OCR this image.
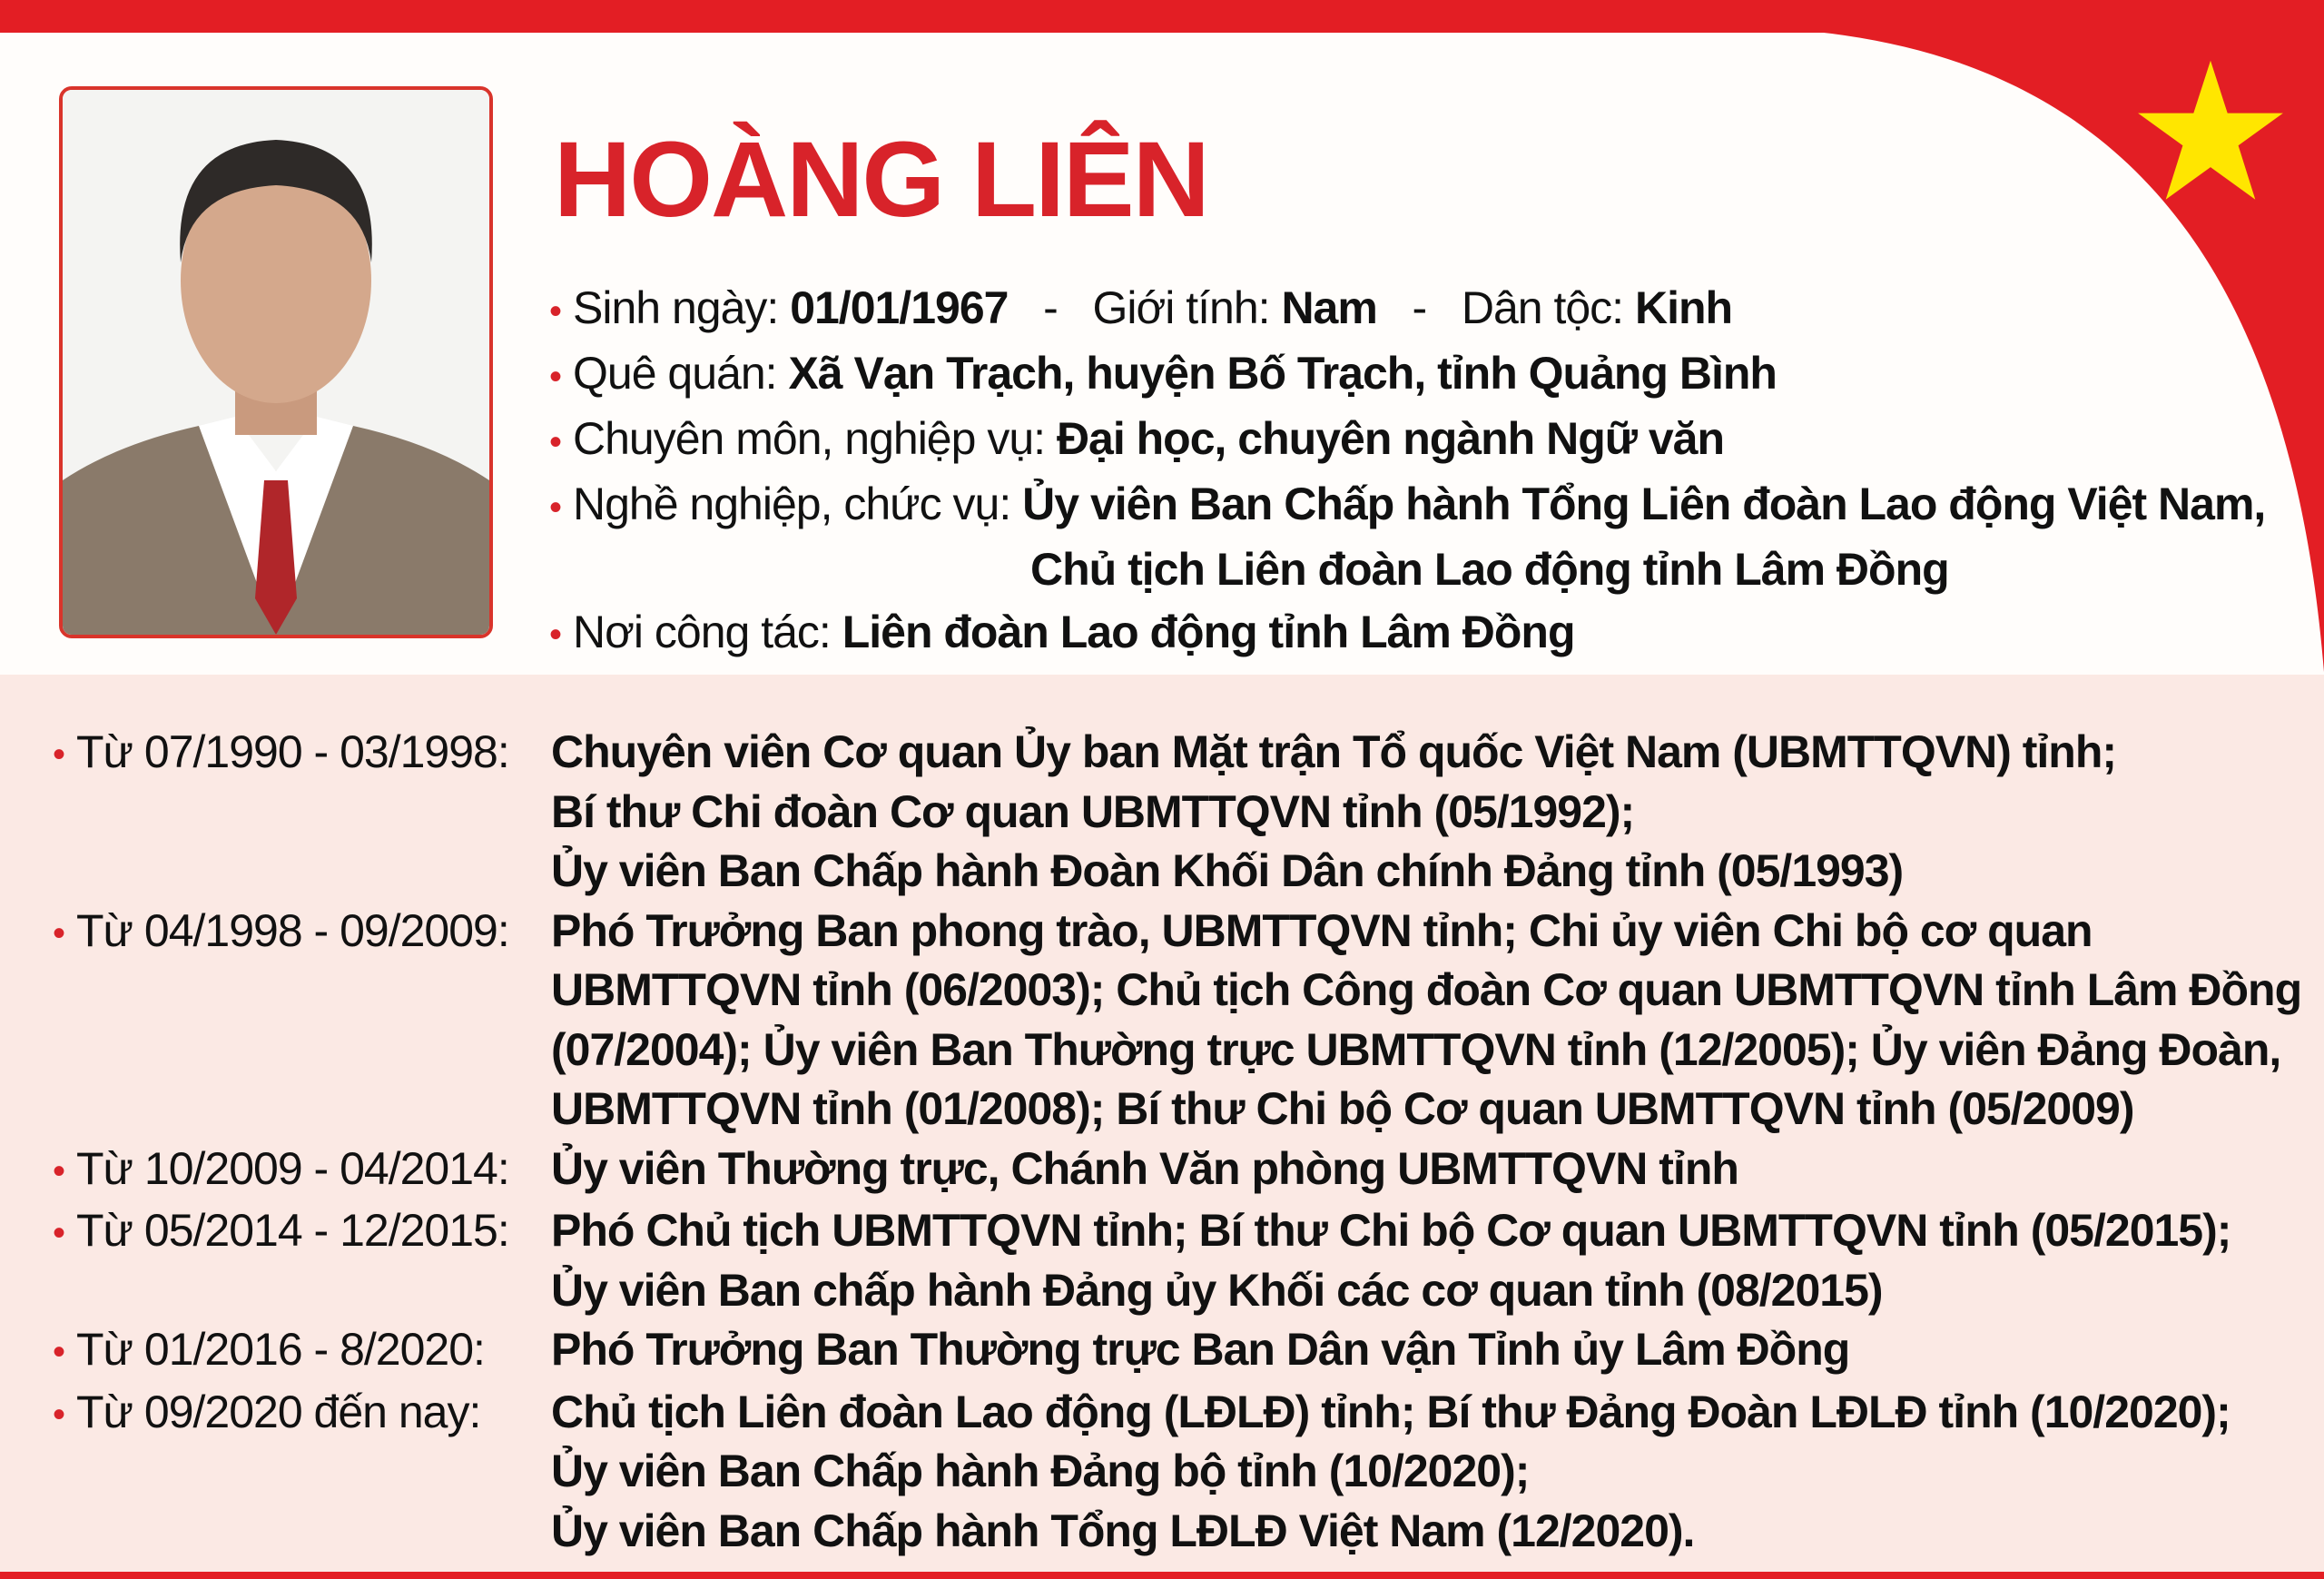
HOÀNG LIÊN
• Sinh ngày: 01/01/1967 - Giới tính: Nam - Dân tộc: Kinh
• Quê quán: Xã Vạn Trạch, huyện Bố Trạch, tỉnh Quảng Bình
• Chuyên môn, nghiệp vụ: Đại học, chuyên ngành Ngữ văn
• Nghề nghiệp, chức vụ: Ủy viên Ban Chấp hành Tổng Liên đoàn Lao động Việt Nam,
Chủ tịch Liên đoàn Lao động tỉnh Lâm Đồng
• Nơi công tác: Liên đoàn Lao động tỉnh Lâm Đồng
• Từ 07/1990 - 03/1998: Chuyên viên Cơ quan Ủy ban Mặt trận Tổ quốc Việt Nam (UBMTTQVN) tỉnh;
Bí thư Chi đoàn Cơ quan UBMTTQVN tỉnh (05/1992);
Ủy viên Ban Chấp hành Đoàn Khối Dân chính Đảng tỉnh (05/1993)
• Từ 04/1998 - 09/2009: Phó Trưởng Ban phong trào, UBMTTQVN tỉnh; Chi ủy viên Chi bộ cơ quan
UBMTTQVN tỉnh (06/2003); Chủ tịch Công đoàn Cơ quan UBMTTQVN tỉnh Lâm Đồng
(07/2004); Ủy viên Ban Thường trực UBMTTQVN tỉnh (12/2005); Ủy viên Đảng Đoàn,
UBMTTQVN tỉnh (01/2008); Bí thư Chi bộ Cơ quan UBMTTQVN tỉnh (05/2009)
• Từ 10/2009 - 04/2014: Ủy viên Thường trực, Chánh Văn phòng UBMTTQVN tỉnh
• Từ 05/2014 - 12/2015: Phó Chủ tịch UBMTTQVN tỉnh; Bí thư Chi bộ Cơ quan UBMTTQVN tỉnh (05/2015);
Ủy viên Ban chấp hành Đảng ủy Khối các cơ quan tỉnh (08/2015)
• Từ 01/2016 - 8/2020:	Phó Trưởng Ban Thường trực Ban Dân vận Tỉnh ủy Lâm Đồng
• Từ 09/2020 đến nay:	Chủ tịch Liên đoàn Lao động (LĐLĐ) tỉnh; Bí thư Đảng Đoàn LĐLĐ tỉnh (10/2020);
Ủy viên Ban Chấp hành Đảng bộ tỉnh (10/2020);
Ủy viên Ban Chấp hành Tổng LĐLĐ Việt Nam (12/2020).
